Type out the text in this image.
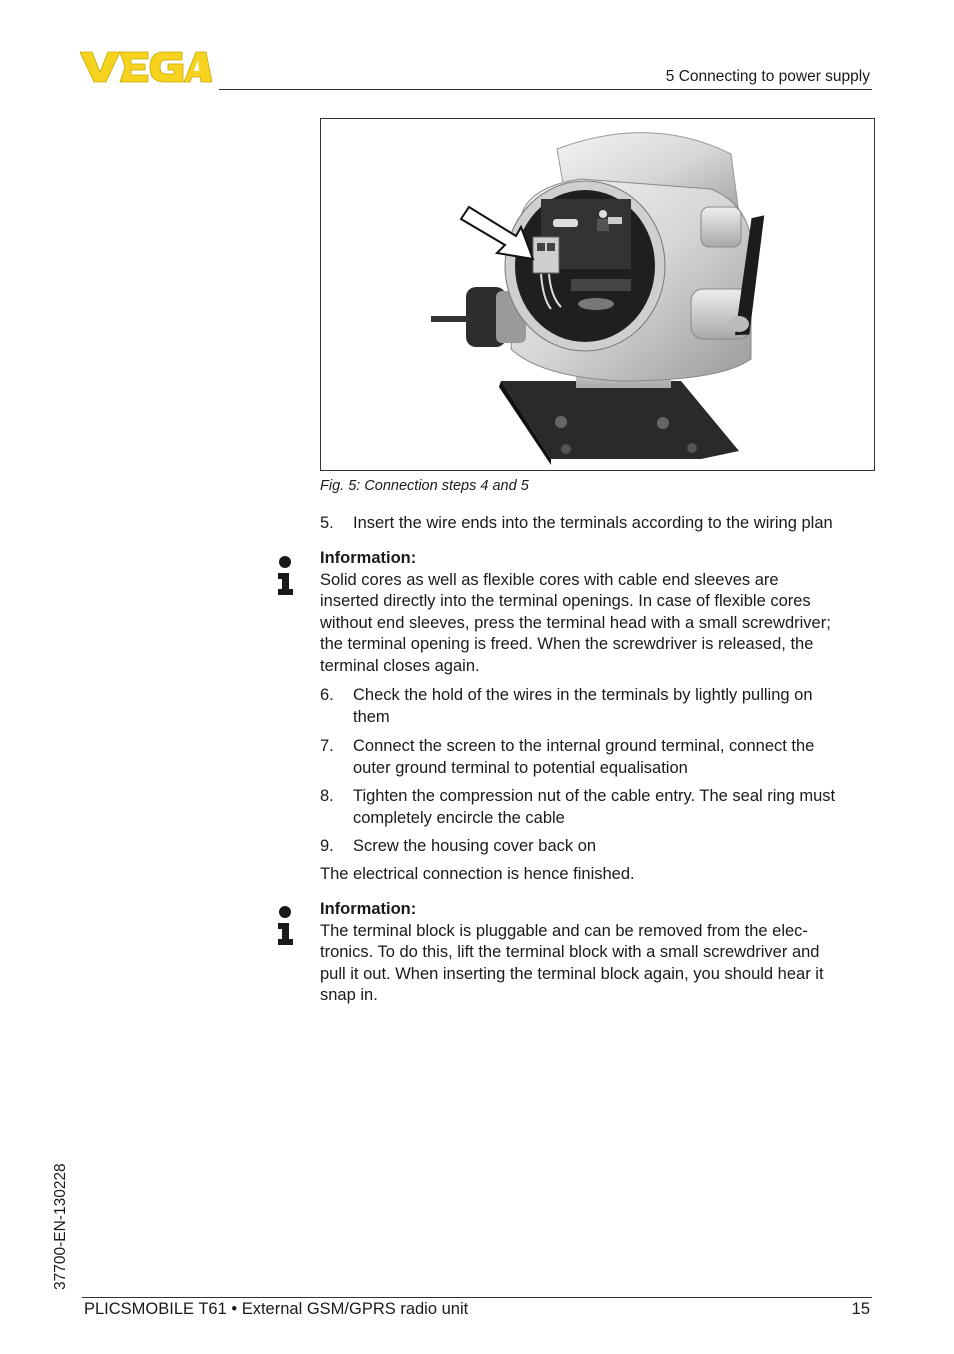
5 Connecting to power supply
Fig. 5: Connection steps 4 and 5
5. Insert the wire ends into the terminals according to the wiring plan
Information:
Solid cores as well as flexible cores with cable end sleeves are
inserted directly into the terminal openings. In case of flexible cores
without end sleeves, press the terminal head with a small screwdriver;
the terminal opening is freed. When the screwdriver is released, the
terminal closes again.
6. Check the hold of the wires in the terminals by lightly pulling on
them
7. Connect the screen to the internal ground terminal, connect the
outer ground terminal to potential equalisation
8. Tighten the compression nut of the cable entry. The seal ring must
completely encircle the cable
9. Screw the housing cover back on
The electrical connection is hence finished.
Information:
The terminal block is pluggable and can be removed from the elec-
tronics. To do this, lift the terminal block with a small screwdriver and
pull it out. When inserting the terminal block again, you should hear it
snap in.
37700-EN-130228
PLICSMOBILE T61 • External GSM/GPRS radio unit	15
